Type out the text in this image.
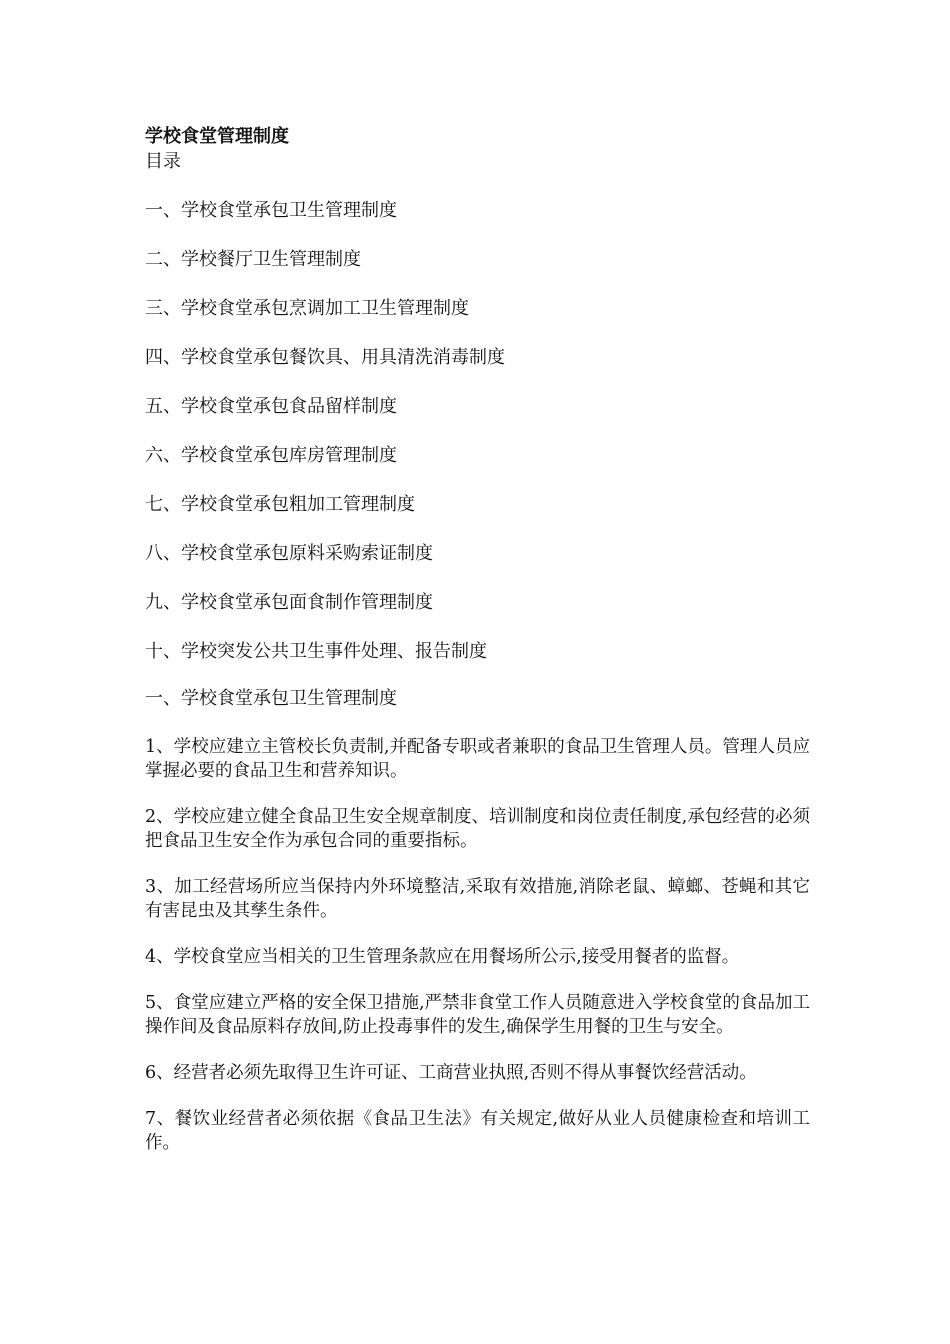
学校食堂管理制度
目录
一、学校食堂承包卫生管理制度
二、学校餐厅卫生管理制度
三、学校食堂承包烹调加工卫生管理制度
四、学校食堂承包餐饮具、用具清洗消毒制度
五、学校食堂承包食品留样制度
六、学校食堂承包库房管理制度
七、学校食堂承包粗加工管理制度
八、学校食堂承包原料采购索证制度
九、学校食堂承包面食制作管理制度
十、学校突发公共卫生事件处理、报告制度
一、学校食堂承包卫生管理制度

1、学校应建立主管校长负责制,并配备专职或者兼职的食品卫生管理人员。管理人员应掌握必要的食品卫生和营养知识。

2、学校应建立健全食品卫生安全规章制度、培训制度和岗位责任制度,承包经营的必须把食品卫生安全作为承包合同的重要指标。

3、加工经营场所应当保持内外环境整洁,采取有效措施,消除老鼠、蟑螂、苍蝇和其它有害昆虫及其孳生条件。

4、学校食堂应当相关的卫生管理条款应在用餐场所公示,接受用餐者的监督。

5、食堂应建立严格的安全保卫措施,严禁非食堂工作人员随意进入学校食堂的食品加工操作间及食品原料存放间,防止投毒事件的发生,确保学生用餐的卫生与安全。

6、经营者必须先取得卫生许可证、工商营业执照,否则不得从事餐饮经营活动。

7、餐饮业经营者必须依据《食品卫生法》有关规定,做好从业人员健康检查和培训工作。
